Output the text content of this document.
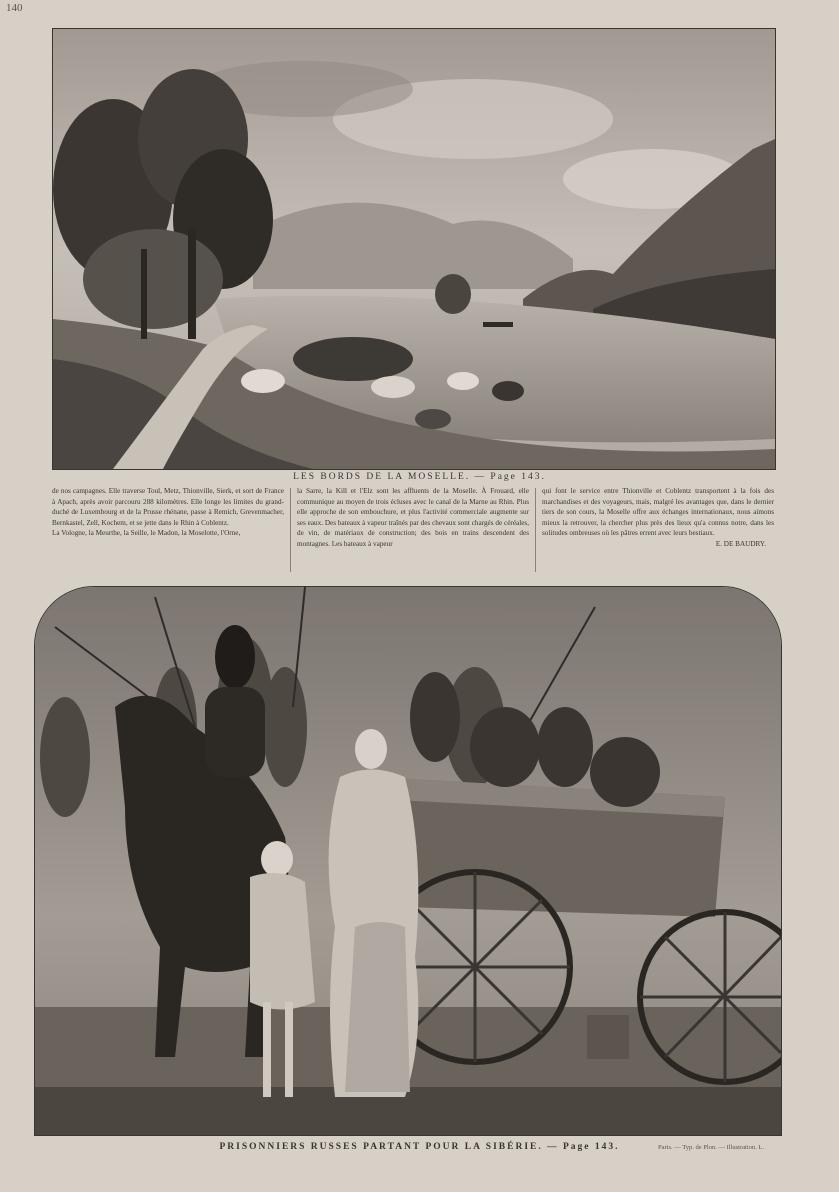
140
LES BORDS DE LA MOSELLE. — Page 143.

de nos campagnes. Elle traverse Toul, Metz, Thionville, Sierk, et sort de France à Apach, après avoir parcouru 288 kilomètres. Elle longe les limites du grand-duché de Luxembourg et de la Prusse rhénane, passe à Remich, Grevenmacher, Bernkastel, Zell, Kochem, et se jette dans le Rhin à Coblentz.

La Vologne, la Meurthe, la Seille, le Madon, la Moselotte, l'Orne,

la Sarre, la Kill et l'Elz sont les affluents de la Moselle. À Frouard, elle communique au moyen de trois écluses avec le canal de la Marne au Rhin. Plus elle approche de son embouchure, et plus l'activité commerciale augmente sur ses eaux. Des bateaux à vapeur traînés par des chevaux sont chargés de céréales, de vin, de matériaux de construction; des bois en trains descendent des montagnes. Les bateaux à vapeur

qui font le service entre Thionville et Coblentz transportent à la fois des marchandises et des voyageurs, mais, malgré les avantages que, dans le dernier tiers de son cours, la Moselle offre aux échanges internationaux, nous aimons mieux la retrouver, la chercher plus près des lieux qu'a connus notre, dans les solitudes ombreuses où les pâtres errent avec leurs bestiaux.

E. DE BAUDRY.

PRISONNIERS RUSSES PARTANT POUR LA SIBÉRIE. — Page 143.	Paris. — Typ. de Plon. — Illustration. L.
